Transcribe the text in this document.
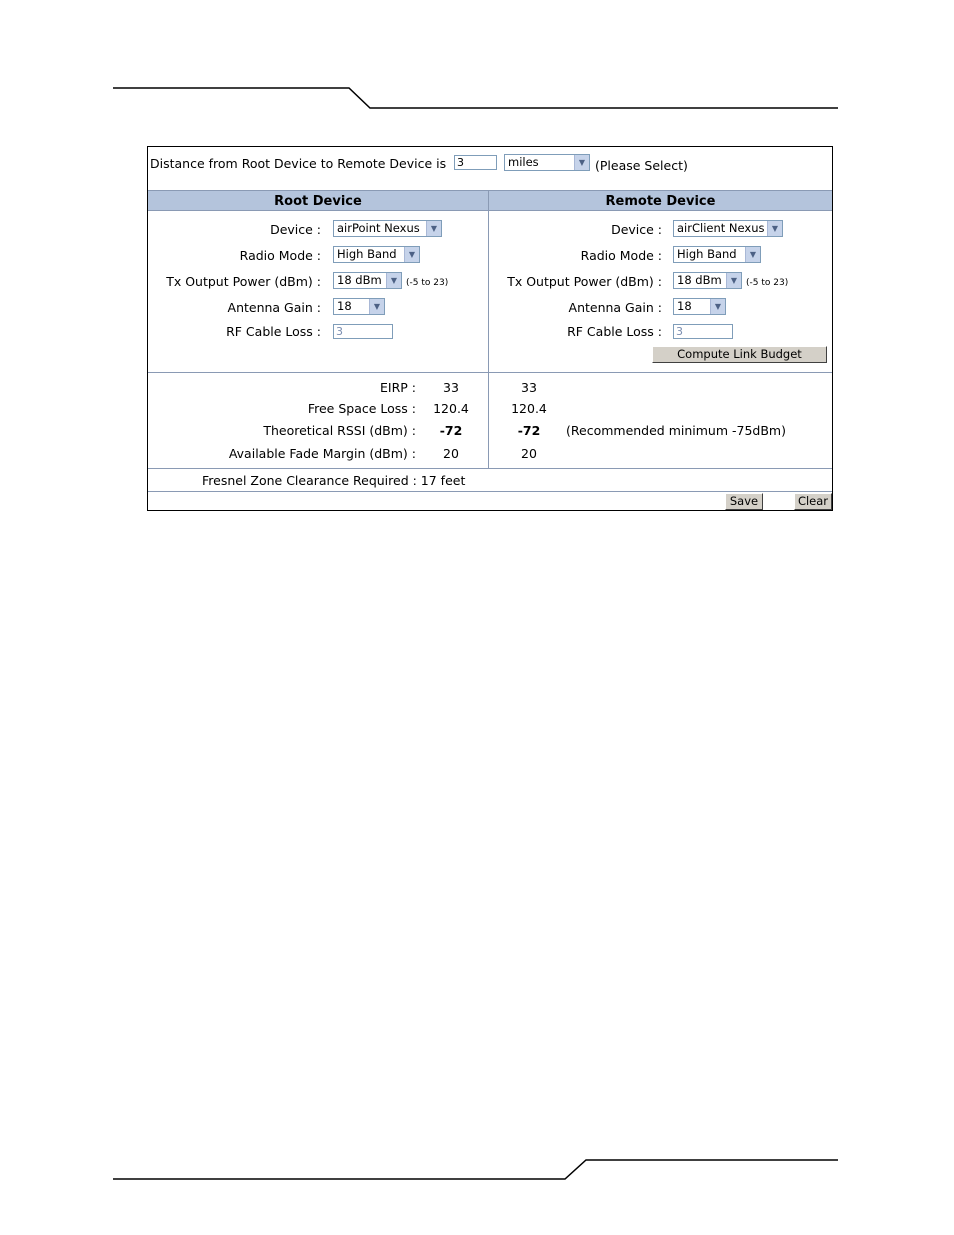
Distance from Root Device to Remote Device is 3	miles	▼ (Please Select)
Root Device	Remote Device
Device :	airPoint Nexus	▼
Radio Mode :	High Band	▼
Tx Output Power (dBm) :	18 dBm	▼ (-5 to 23)
Antenna Gain :	18	▼
RF Cable Loss : 3
Device :	airClient Nexus ▼
Radio Mode :	High Band	▼
Tx Output Power (dBm) :	18 dBm	▼ (-5 to 23)
Antenna Gain :	18	▼
RF Cable Loss : 3
Compute Link Budget
EIRP :	33	33
Free Space Loss :	120.4	120.4
Theoretical RSSI (dBm) :	-72	-72	(Recommended minimum -75dBm)
Available Fade Margin (dBm) :	20	20
Fresnel Zone Clearance Required : 17 feet
Save	Clear
